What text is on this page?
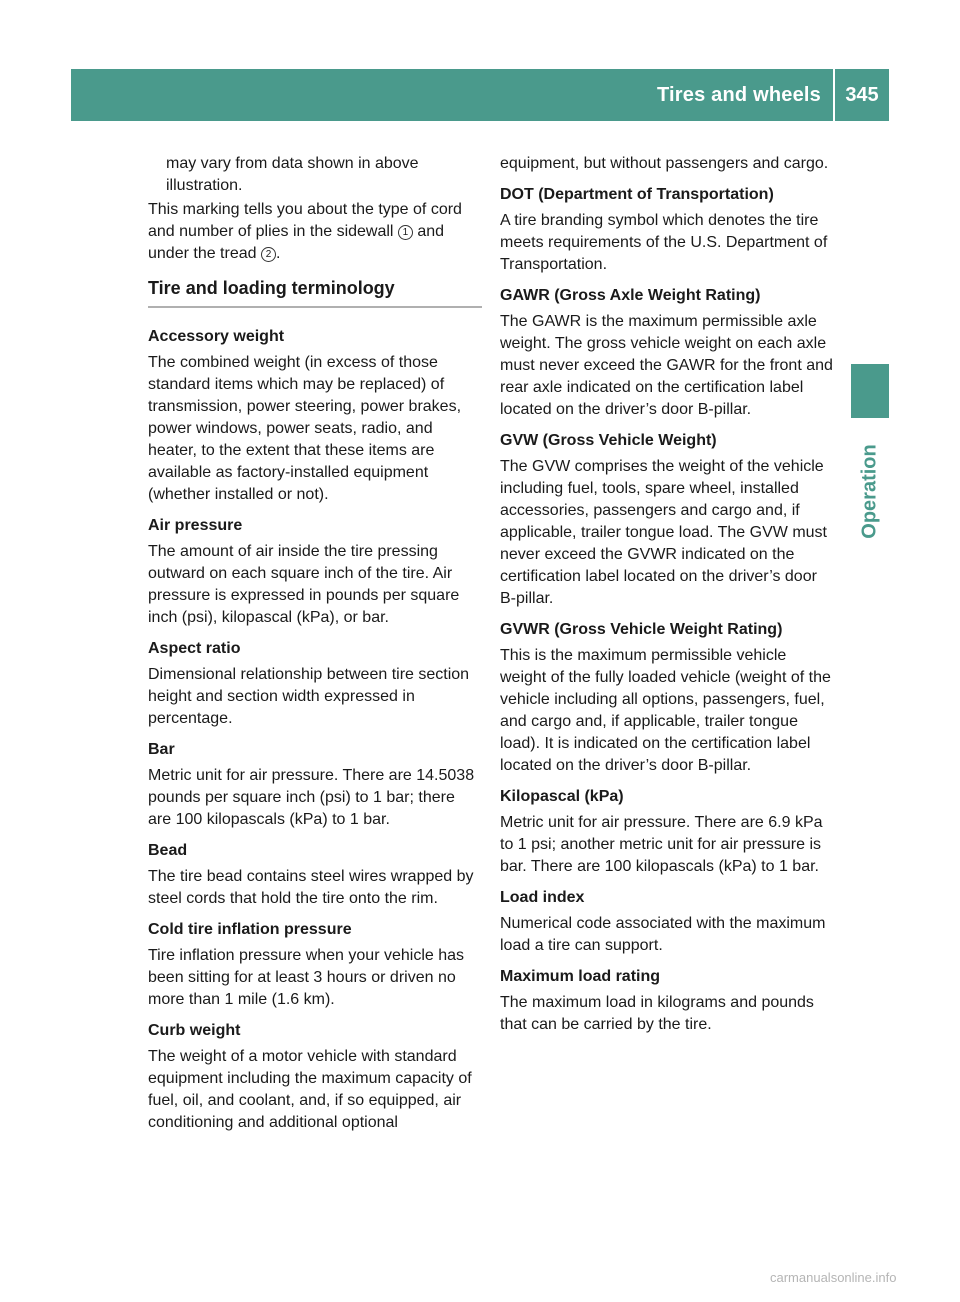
Tires and wheels	345
Operation

may vary from data shown in above

illustration.

This marking tells you about the type of cord and number of plies in the sidewall 1 and under the tread 2 .

Tire and loading terminology

Accessory weight

The combined weight (in excess of those standard items which may be replaced) of transmission, power steering, power brakes, power windows, power seats, radio, and heater, to the extent that these items are available as factory-installed equipment (whether installed or not).

Air pressure

The amount of air inside the tire pressing outward on each square inch of the tire. Air pressure is expressed in pounds per square inch (psi), kilopascal (kPa), or bar.

Aspect ratio

Dimensional relationship between tire section height and section width expressed in percentage.

Bar

Metric unit for air pressure. There are 14.5038 pounds per square inch (psi) to 1 bar; there are 100 kilopascals (kPa) to 1 bar.

Bead

The tire bead contains steel wires wrapped by steel cords that hold the tire onto the rim.

Cold tire inflation pressure

Tire inflation pressure when your vehicle has been sitting for at least 3 hours or driven no more than 1 mile (1.6 km).

Curb weight

The weight of a motor vehicle with standard equipment including the maximum capacity of fuel, oil, and coolant, and, if so equipped, air conditioning and additional optional

equipment, but without passengers and cargo.

DOT (Department of Transportation)

A tire branding symbol which denotes the tire meets requirements of the U.S. Department of Transportation.

GAWR (Gross Axle Weight Rating)

The GAWR is the maximum permissible axle weight. The gross vehicle weight on each axle must never exceed the GAWR for the front and rear axle indicated on the certification label located on the driver’s door B-pillar.

GVW (Gross Vehicle Weight)

The GVW comprises the weight of the vehicle including fuel, tools, spare wheel, installed accessories, passengers and cargo and, if applicable, trailer tongue load. The GVW must never exceed the GVWR indicated on the certification label located on the driver’s door B-pillar.

GVWR (Gross Vehicle Weight Rating)

This is the maximum permissible vehicle weight of the fully loaded vehicle (weight of the vehicle including all options, passengers, fuel, and cargo and, if applicable, trailer tongue load). It is indicated on the certification label located on the driver’s door B-pillar.

Kilopascal (kPa)

Metric unit for air pressure. There are 6.9 kPa to 1 psi; another metric unit for air pressure is bar. There are 100 kilopascals (kPa) to 1 bar.

Load index

Numerical code associated with the maximum load a tire can support.

Maximum load rating

The maximum load in kilograms and pounds that can be carried by the tire.

carmanualsonline.info
